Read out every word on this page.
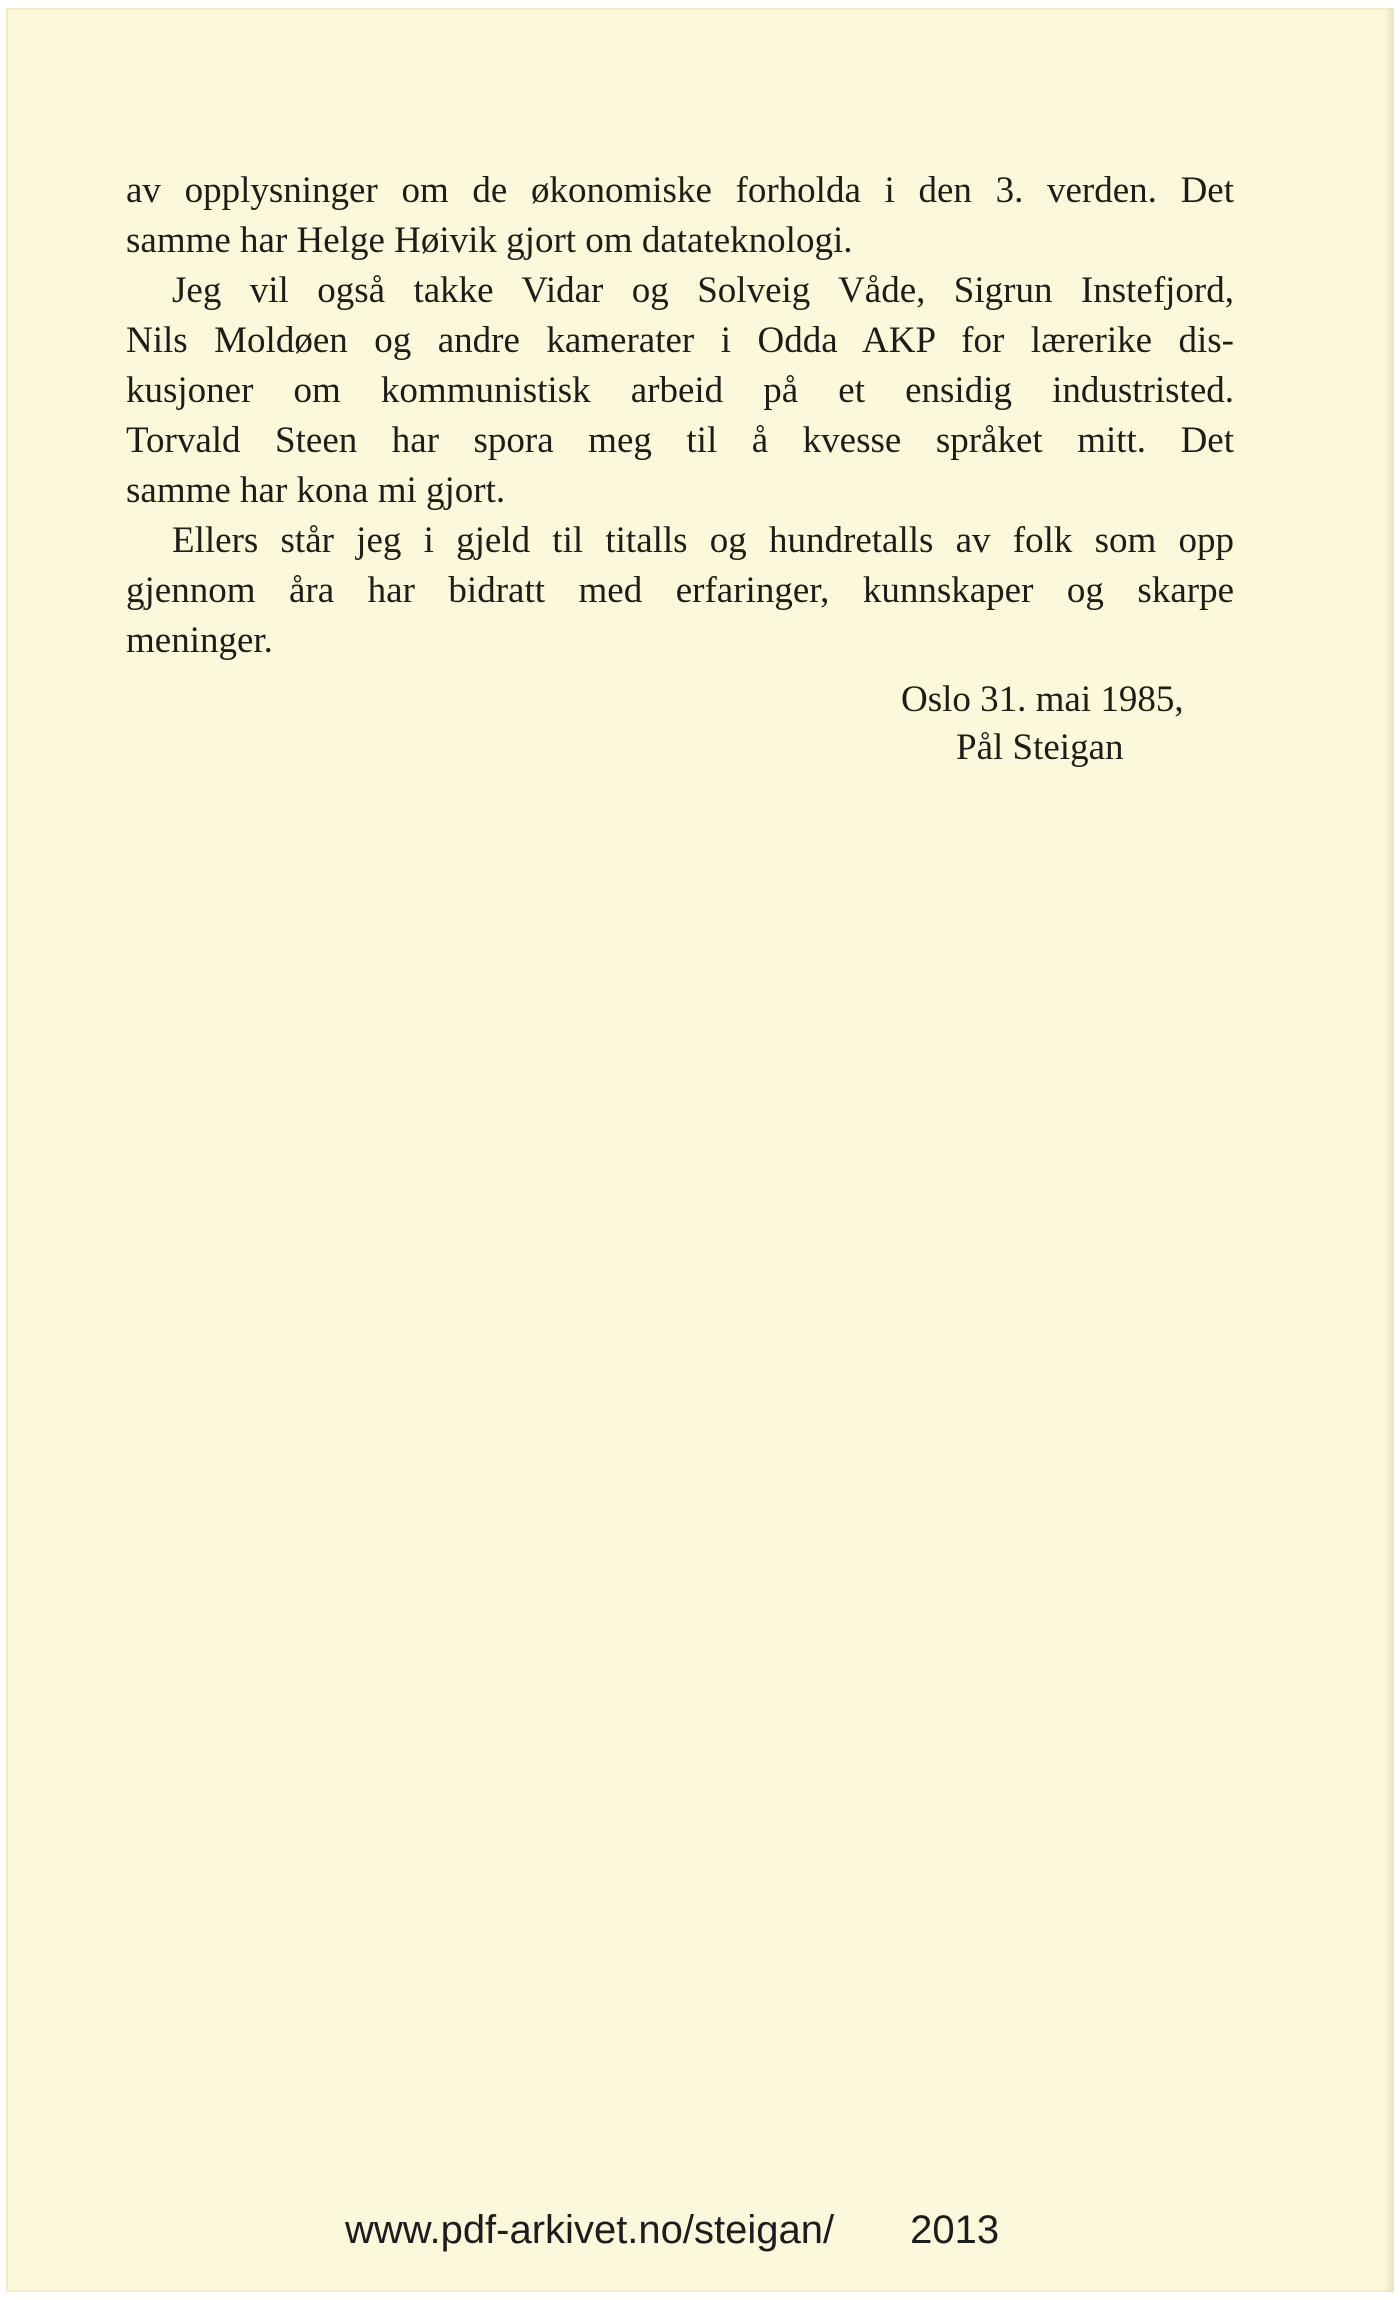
av opplysninger om de økonomiske forholda i den 3. verden. Det
samme har Helge Høivik gjort om datateknologi.
Jeg vil også takke Vidar og Solveig Våde, Sigrun Instefjord,
Nils Moldøen og andre kamerater i Odda AKP for lærerike dis-
kusjoner om kommunistisk arbeid på et ensidig industristed.
Torvald Steen har spora meg til å kvesse språket mitt. Det
samme har kona mi gjort.
Ellers står jeg i gjeld til titalls og hundretalls av folk som opp
gjennom åra har bidratt med erfaringer, kunnskaper og skarpe
meninger.
Oslo 31. mai 1985,
Pål Steigan
www.pdf-arkivet.no/steigan/ 2013
